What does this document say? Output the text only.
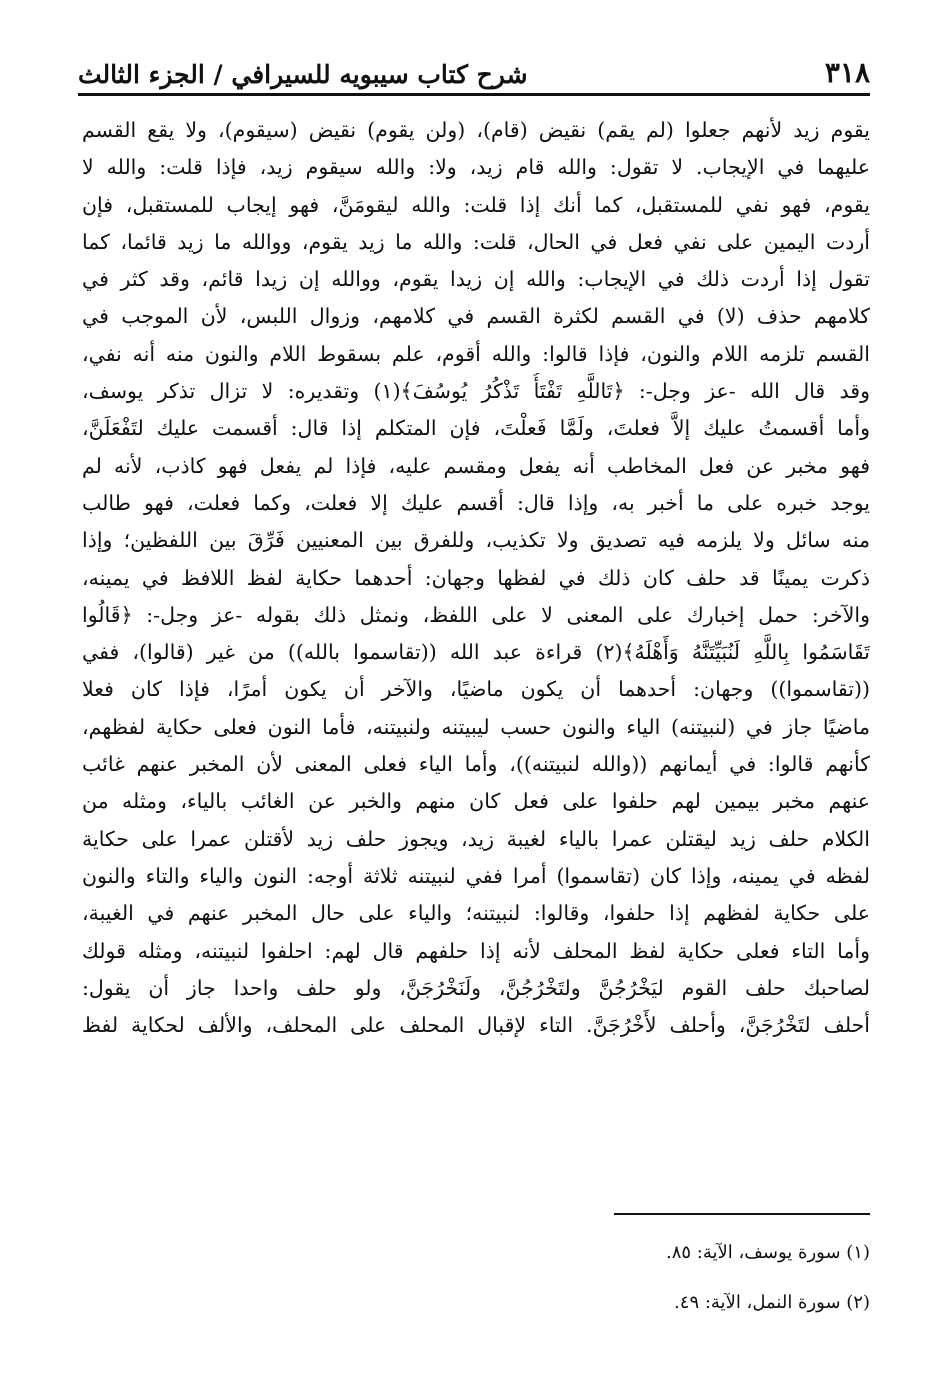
٣١٨
شرح كتاب سيبويه للسيرافي / الجزء الثالث
يقوم زيد لأنهم جعلوا (لم يقم) نقيض (قام)، (ولن يقوم) نقيض (سيقوم)، ولا يقع القسم
عليهما في الإيجاب. لا تقول: والله قام زيد، ولا: والله سيقوم زيد، فإذا قلت: والله لا
يقوم، فهو نفي للمستقبل، كما أنك إذا قلت: والله ليقومَنَّ، فهو إيجاب للمستقبل، فإن
أردت اليمين على نفي فعل في الحال، قلت: والله ما زيد يقوم، ووالله ما زيد قائما، كما
تقول إذا أردت ذلك في الإيجاب: والله إن زيدا يقوم، ووالله إن زيدا قائم، وقد كثر في
كلامهم حذف (لا) في القسم لكثرة القسم في كلامهم، وزوال اللبس، لأن الموجب في
القسم تلزمه اللام والنون، فإذا قالوا: والله أقوم، علم بسقوط اللام والنون منه أنه نفي،
وقد قال الله -عز وجل-: ﴿تَاللَّهِ تَفْتَأُ تَذْكُرُ يُوسُفَ﴾(١) وتقديره: لا تزال تذكر يوسف،
وأما أقسمتُ عليك إلاَّ فعلتَ، ولَمَّا فَعلْتَ، فإن المتكلم إذا قال: أقسمت عليك لتَفْعَلَنَّ،
فهو مخبر عن فعل المخاطب أنه يفعل ومقسم عليه، فإذا لم يفعل فهو كاذب، لأنه لم
يوجد خبره على ما أخبر به، وإذا قال: أقسم عليك إلا فعلت، وكما فعلت، فهو طالب
منه سائل ولا يلزمه فيه تصديق ولا تكذيب، وللفرق بين المعنيين فَرِّقَ بين اللفظين؛ وإذا
ذكرت يمينًا قد حلف كان ذلك في لفظها وجهان: أحدهما حكاية لفظ اللافظ في يمينه،
والآخر: حمل إخبارك على المعنى لا على اللفظ، ونمثل ذلك بقوله -عز وجل-: ﴿قَالُوا
تَقَاسَمُوا بِاللَّهِ لَنُبَيِّتَنَّهُ وَأَهْلَهُ﴾(٢) قراءة عبد الله ((تقاسموا بالله)) من غير (قالوا)، ففي
((تقاسموا)) وجهان: أحدهما أن يكون ماضيًا، والآخر أن يكون أمرًا، فإذا كان فعلا
ماضيًا جاز في (لنبيتنه) الياء والنون حسب ليبيتنه ولنبيتنه، فأما النون فعلى حكاية لفظهم،
كأنهم قالوا: في أيمانهم ((والله لنبيتنه))، وأما الياء فعلى المعنى لأن المخبر عنهم غائب
عنهم مخبر بيمين لهم حلفوا على فعل كان منهم والخبر عن الغائب بالياء، ومثله من
الكلام حلف زيد ليقتلن عمرا بالياء لغيبة زيد، ويجوز حلف زيد لأقتلن عمرا على حكاية
لفظه في يمينه، وإذا كان (تقاسموا) أمرا ففي لنبيتنه ثلاثة أوجه: النون والياء والتاء والنون
على حكاية لفظهم إذا حلفوا، وقالوا: لنبيتنه؛ والياء على حال المخبر عنهم في الغيبة،
وأما التاء فعلى حكاية لفظ المحلف لأنه إذا حلفهم قال لهم: احلفوا لنبيتنه، ومثله قولك
لصاحبك حلف القوم ليَخْرُجُنَّ ولتَخْرُجُنَّ، ولَنَخْرُجَنَّ، ولو حلف واحدا جاز أن يقول:
أحلف لتَخْرُجَنَّ، وأحلف لأَخْرُجَنَّ. التاء لإقبال المحلف على المحلف، والألف لحكاية لفظ
(١) سورة يوسف، الآية: ٨٥.
(٢) سورة النمل، الآية: ٤٩.
